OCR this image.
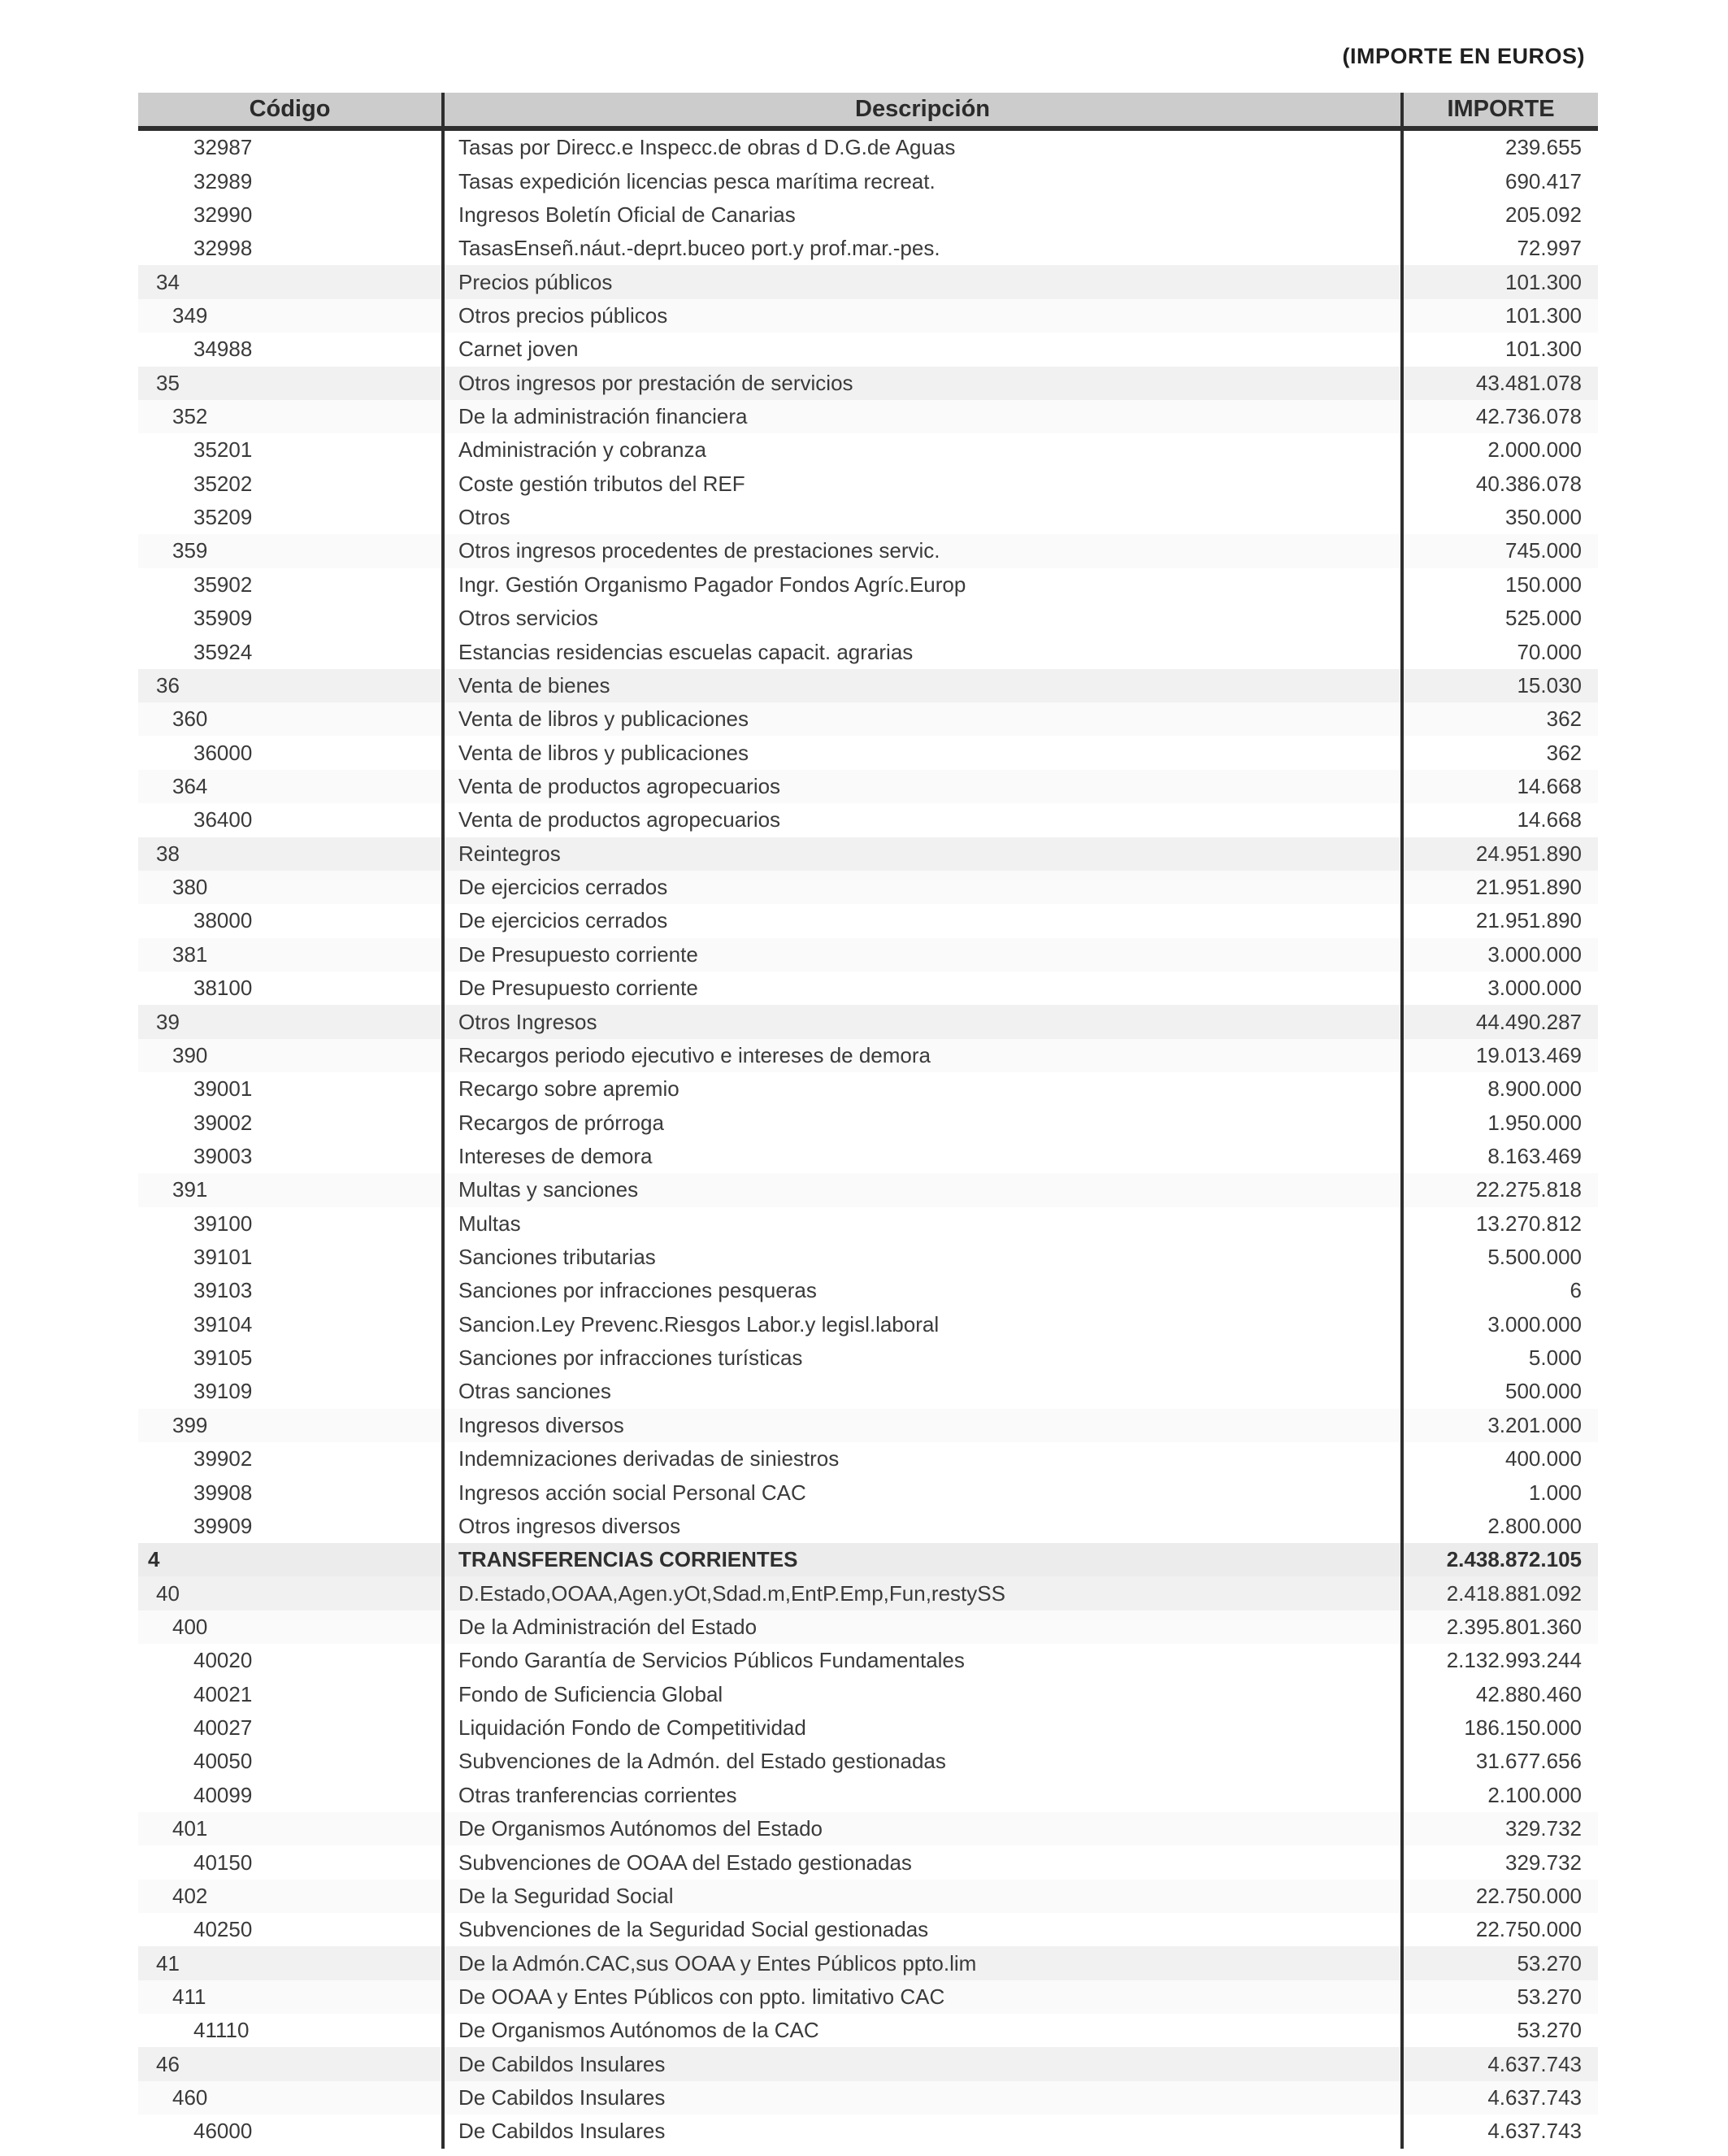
(IMPORTE EN EUROS)
Código	Descripción	IMPORTE
32987	Tasas por Direcc.e Inspecc.de obras d D.G.de Aguas	239.655
32989	Tasas expedición licencias pesca marítima recreat.	690.417
32990	Ingresos Boletín Oficial de Canarias	205.092
32998	TasasEnseñ.náut.-deprt.buceo port.y prof.mar.-pes.	72.997
34	Precios públicos	101.300
349	Otros precios públicos	101.300
34988	Carnet joven	101.300
35	Otros ingresos por prestación de servicios	43.481.078
352	De la administración financiera	42.736.078
35201	Administración y cobranza	2.000.000
35202	Coste gestión tributos del REF	40.386.078
35209	Otros	350.000
359	Otros ingresos procedentes de prestaciones servic.	745.000
35902	Ingr. Gestión Organismo Pagador Fondos Agríc.Europ	150.000
35909	Otros servicios	525.000
35924	Estancias residencias escuelas capacit. agrarias	70.000
36	Venta de bienes	15.030
360	Venta de libros y publicaciones	362
36000	Venta de libros y publicaciones	362
364	Venta de productos agropecuarios	14.668
36400	Venta de productos agropecuarios	14.668
38	Reintegros	24.951.890
380	De ejercicios cerrados	21.951.890
38000	De ejercicios cerrados	21.951.890
381	De Presupuesto corriente	3.000.000
38100	De Presupuesto corriente	3.000.000
39	Otros Ingresos	44.490.287
390	Recargos periodo ejecutivo e intereses de demora	19.013.469
39001	Recargo sobre apremio	8.900.000
39002	Recargos de prórroga	1.950.000
39003	Intereses de demora	8.163.469
391	Multas y sanciones	22.275.818
39100	Multas	13.270.812
39101	Sanciones tributarias	5.500.000
39103	Sanciones por infracciones pesqueras	6
39104	Sancion.Ley Prevenc.Riesgos Labor.y legisl.laboral	3.000.000
39105	Sanciones por infracciones turísticas	5.000
39109	Otras sanciones	500.000
399	Ingresos diversos	3.201.000
39902	Indemnizaciones derivadas de siniestros	400.000
39908	Ingresos acción social Personal CAC	1.000
39909	Otros ingresos diversos	2.800.000
4	TRANSFERENCIAS CORRIENTES	2.438.872.105
40	D.Estado,OOAA,Agen.yOt,Sdad.m,EntP.Emp,Fun,restySS	2.418.881.092
400	De la Administración del Estado	2.395.801.360
40020	Fondo Garantía de Servicios Públicos Fundamentales	2.132.993.244
40021	Fondo de Suficiencia Global	42.880.460
40027	Liquidación Fondo de Competitividad	186.150.000
40050	Subvenciones de la Admón. del Estado gestionadas	31.677.656
40099	Otras tranferencias corrientes	2.100.000
401	De Organismos Autónomos del Estado	329.732
40150	Subvenciones de OOAA del Estado gestionadas	329.732
402	De la Seguridad Social	22.750.000
40250	Subvenciones de la Seguridad Social gestionadas	22.750.000
41	De la Admón.CAC,sus OOAA y Entes Públicos ppto.lim	53.270
411	De OOAA y Entes Públicos con ppto. limitativo CAC	53.270
41110	De Organismos Autónomos de la CAC	53.270
46	De Cabildos Insulares	4.637.743
460	De Cabildos Insulares	4.637.743
46000	De Cabildos Insulares	4.637.743
